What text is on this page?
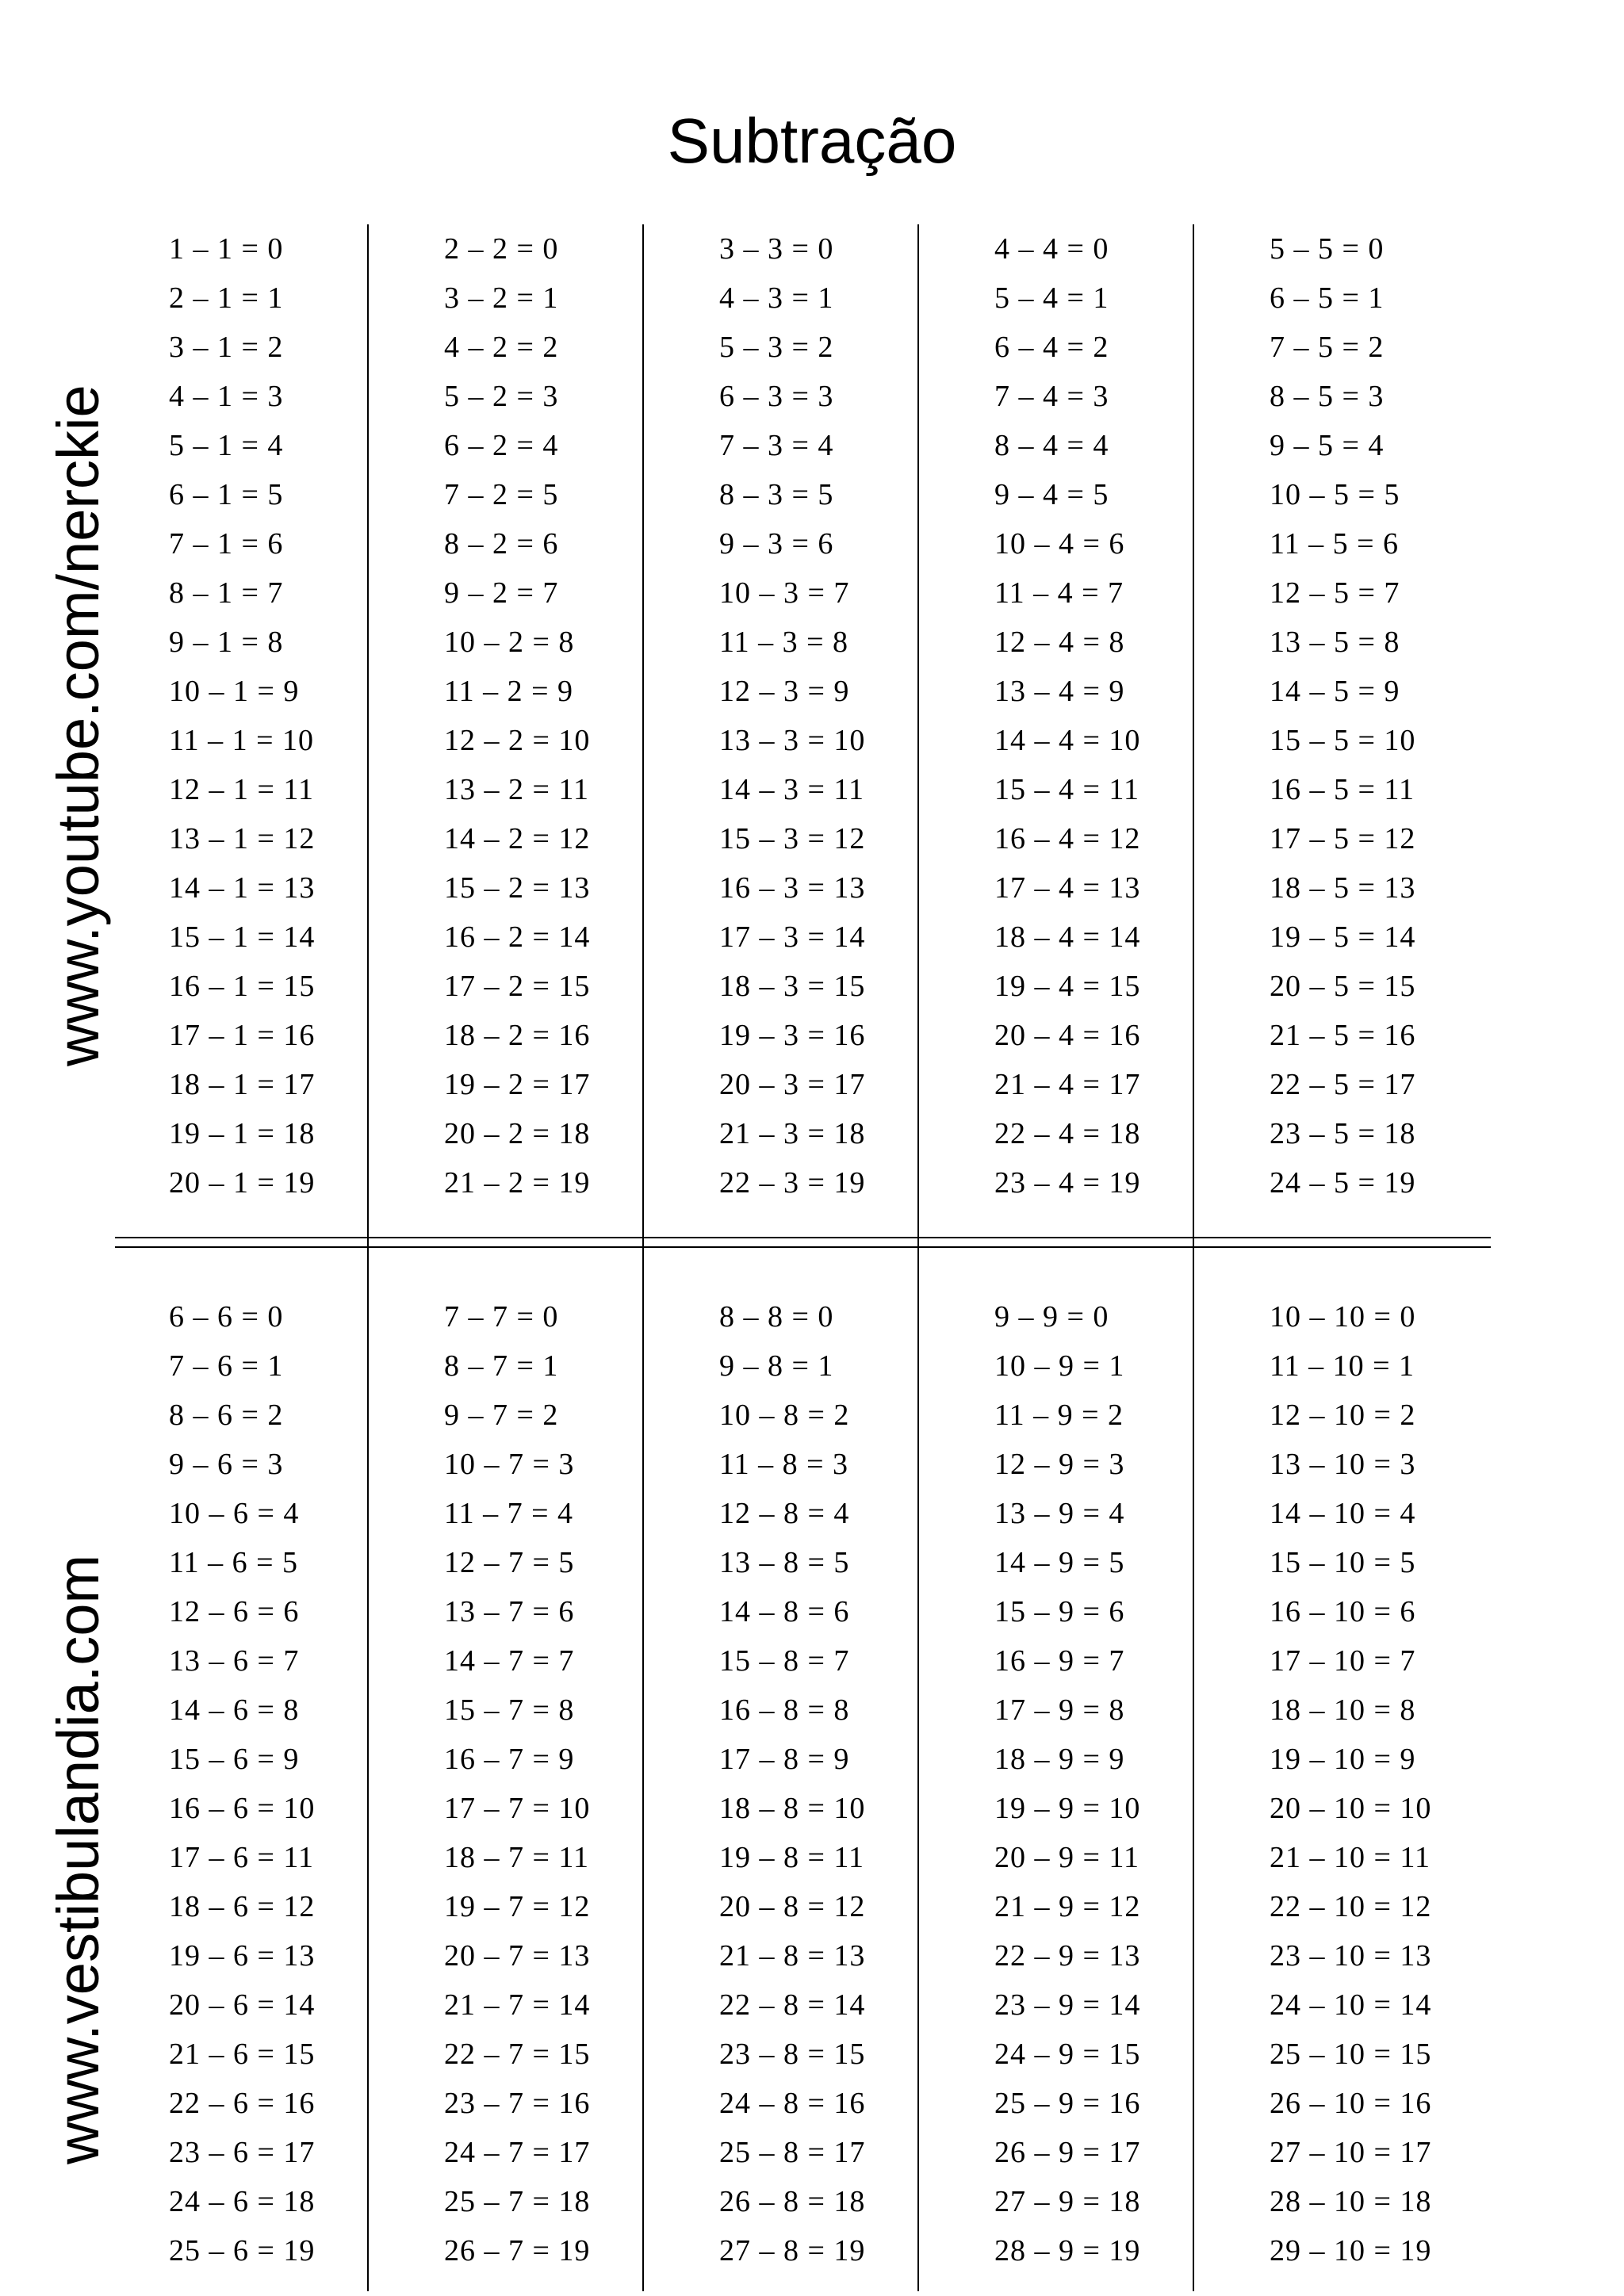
Subtração
www.youtube.com/nerckie
www.vestibulandia.com
1 – 1 = 0
2 – 1 = 1
3 – 1 = 2
4 – 1 = 3
5 – 1 = 4
6 – 1 = 5
7 – 1 = 6
8 – 1 = 7
9 – 1 = 8
10 – 1 = 9
11 – 1 = 10
12 – 1 = 11
13 – 1 = 12
14 – 1 = 13
15 – 1 = 14
16 – 1 = 15
17 – 1 = 16
18 – 1 = 17
19 – 1 = 18
20 – 1 = 19
2 – 2 = 0
3 – 2 = 1
4 – 2 = 2
5 – 2 = 3
6 – 2 = 4
7 – 2 = 5
8 – 2 = 6
9 – 2 = 7
10 – 2 = 8
11 – 2 = 9
12 – 2 = 10
13 – 2 = 11
14 – 2 = 12
15 – 2 = 13
16 – 2 = 14
17 – 2 = 15
18 – 2 = 16
19 – 2 = 17
20 – 2 = 18
21 – 2 = 19
3 – 3 = 0
4 – 3 = 1
5 – 3 = 2
6 – 3 = 3
7 – 3 = 4
8 – 3 = 5
9 – 3 = 6
10 – 3 = 7
11 – 3 = 8
12 – 3 = 9
13 – 3 = 10
14 – 3 = 11
15 – 3 = 12
16 – 3 = 13
17 – 3 = 14
18 – 3 = 15
19 – 3 = 16
20 – 3 = 17
21 – 3 = 18
22 – 3 = 19
4 – 4 = 0
5 – 4 = 1
6 – 4 = 2
7 – 4 = 3
8 – 4 = 4
9 – 4 = 5
10 – 4 = 6
11 – 4 = 7
12 – 4 = 8
13 – 4 = 9
14 – 4 = 10
15 – 4 = 11
16 – 4 = 12
17 – 4 = 13
18 – 4 = 14
19 – 4 = 15
20 – 4 = 16
21 – 4 = 17
22 – 4 = 18
23 – 4 = 19
5 – 5 = 0
6 – 5 = 1
7 – 5 = 2
8 – 5 = 3
9 – 5 = 4
10 – 5 = 5
11 – 5 = 6
12 – 5 = 7
13 – 5 = 8
14 – 5 = 9
15 – 5 = 10
16 – 5 = 11
17 – 5 = 12
18 – 5 = 13
19 – 5 = 14
20 – 5 = 15
21 – 5 = 16
22 – 5 = 17
23 – 5 = 18
24 – 5 = 19
6 – 6 = 0
7 – 6 = 1
8 – 6 = 2
9 – 6 = 3
10 – 6 = 4
11 – 6 = 5
12 – 6 = 6
13 – 6 = 7
14 – 6 = 8
15 – 6 = 9
16 – 6 = 10
17 – 6 = 11
18 – 6 = 12
19 – 6 = 13
20 – 6 = 14
21 – 6 = 15
22 – 6 = 16
23 – 6 = 17
24 – 6 = 18
25 – 6 = 19
7 – 7 = 0
8 – 7 = 1
9 – 7 = 2
10 – 7 = 3
11 – 7 = 4
12 – 7 = 5
13 – 7 = 6
14 – 7 = 7
15 – 7 = 8
16 – 7 = 9
17 – 7 = 10
18 – 7 = 11
19 – 7 = 12
20 – 7 = 13
21 – 7 = 14
22 – 7 = 15
23 – 7 = 16
24 – 7 = 17
25 – 7 = 18
26 – 7 = 19
8 – 8 = 0
9 – 8 = 1
10 – 8 = 2
11 – 8 = 3
12 – 8 = 4
13 – 8 = 5
14 – 8 = 6
15 – 8 = 7
16 – 8 = 8
17 – 8 = 9
18 – 8 = 10
19 – 8 = 11
20 – 8 = 12
21 – 8 = 13
22 – 8 = 14
23 – 8 = 15
24 – 8 = 16
25 – 8 = 17
26 – 8 = 18
27 – 8 = 19
9 – 9 = 0
10 – 9 = 1
11 – 9 = 2
12 – 9 = 3
13 – 9 = 4
14 – 9 = 5
15 – 9 = 6
16 – 9 = 7
17 – 9 = 8
18 – 9 = 9
19 – 9 = 10
20 – 9 = 11
21 – 9 = 12
22 – 9 = 13
23 – 9 = 14
24 – 9 = 15
25 – 9 = 16
26 – 9 = 17
27 – 9 = 18
28 – 9 = 19
10 – 10 = 0
11 – 10 = 1
12 – 10 = 2
13 – 10 = 3
14 – 10 = 4
15 – 10 = 5
16 – 10 = 6
17 – 10 = 7
18 – 10 = 8
19 – 10 = 9
20 – 10 = 10
21 – 10 = 11
22 – 10 = 12
23 – 10 = 13
24 – 10 = 14
25 – 10 = 15
26 – 10 = 16
27 – 10 = 17
28 – 10 = 18
29 – 10 = 19
